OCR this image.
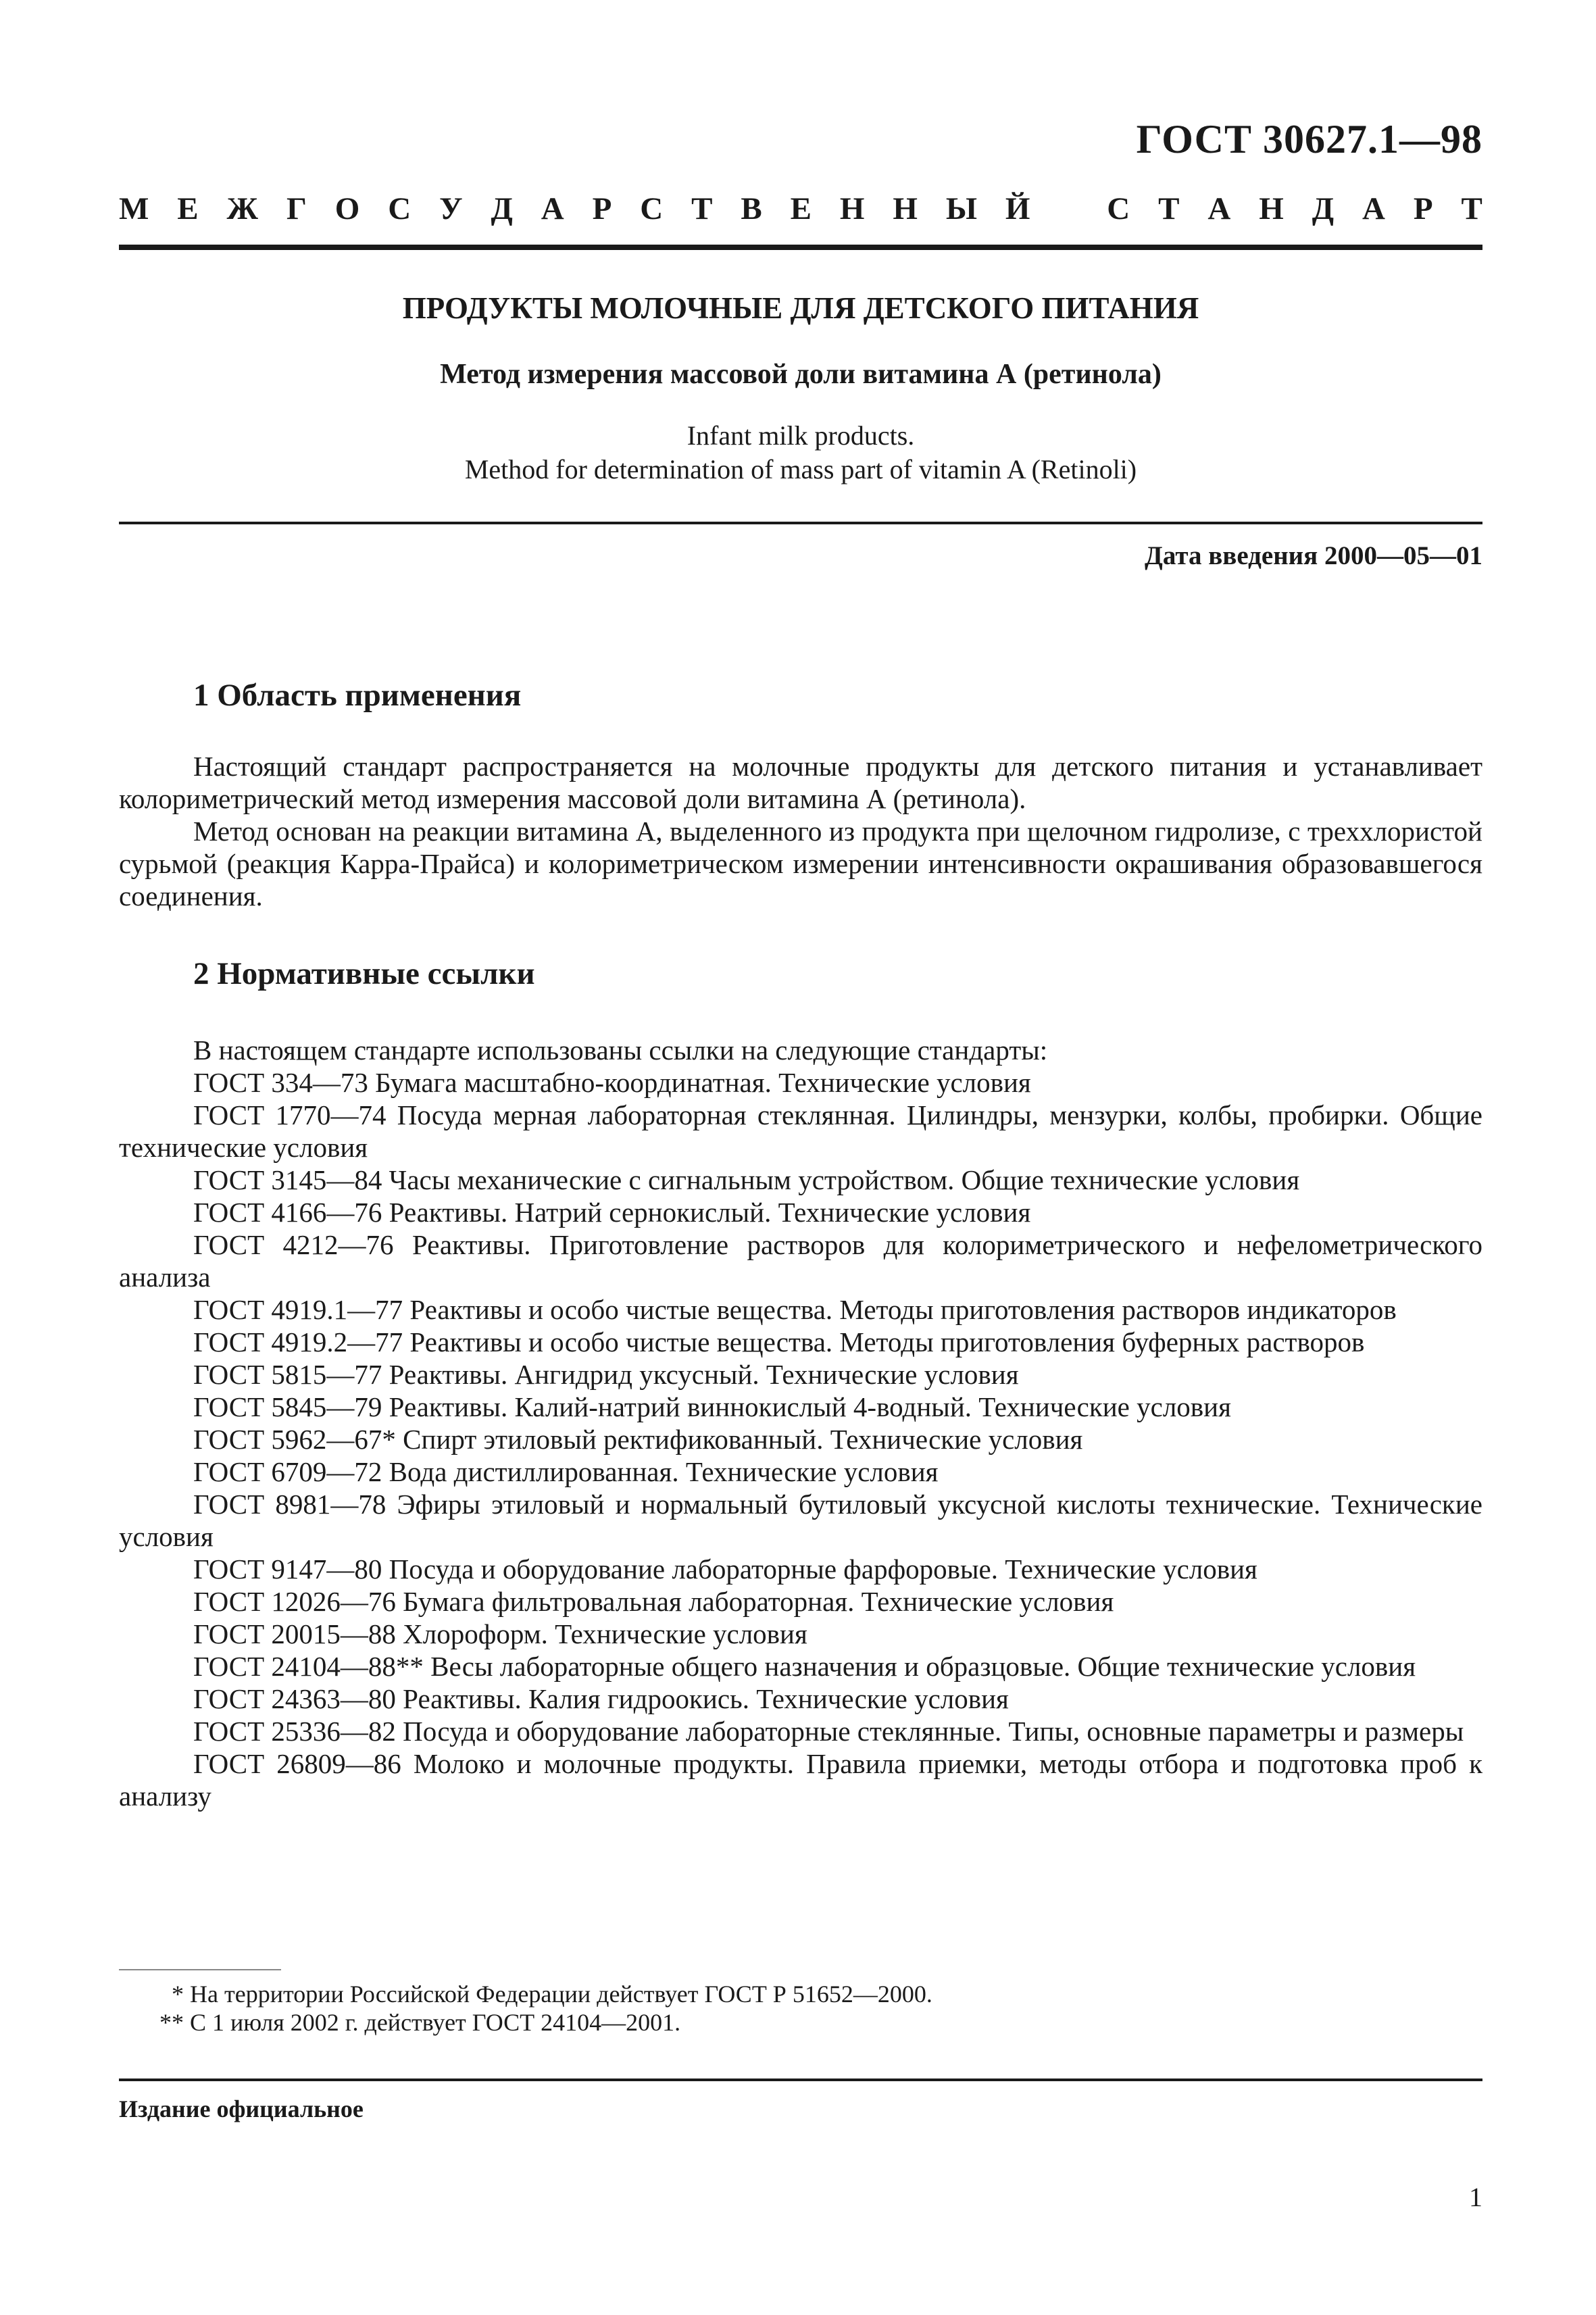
ГОСТ 30627.1—98
М Е Ж Г О С У Д А Р С Т В Е Н Н Ы Й С Т А Н Д А Р Т
ПРОДУКТЫ МОЛОЧНЫЕ ДЛЯ ДЕТСКОГО ПИТАНИЯ
Метод измерения массовой доли витамина А (ретинола)
Infant milk products.
Method for determination of mass part of vitamin A (Retinoli)
Дата введения 2000—05—01
1 Область применения

Настоящий стандарт распространяется на молочные продукты для детского питания и устанавливает колориметрический метод измерения массовой доли витамина А (ретинола).

Метод основан на реакции витамина А, выделенного из продукта при щелочном гидролизе, с треххлористой сурьмой (реакция Карра-Прайса) и колориметрическом измерении интенсивности окрашивания образовавшегося соединения.

2 Нормативные ссылки

В настоящем стандарте использованы ссылки на следующие стандарты:

ГОСТ 334—73 Бумага масштабно-координатная. Технические условия

ГОСТ 1770—74 Посуда мерная лабораторная стеклянная. Цилиндры, мензурки, колбы, пробирки. Общие технические условия

ГОСТ 3145—84 Часы механические с сигнальным устройством. Общие технические условия

ГОСТ 4166—76 Реактивы. Натрий сернокислый. Технические условия

ГОСТ 4212—76 Реактивы. Приготовление растворов для колориметрического и нефелометрического анализа

ГОСТ 4919.1—77 Реактивы и особо чистые вещества. Методы приготовления растворов индикаторов

ГОСТ 4919.2—77 Реактивы и особо чистые вещества. Методы приготовления буферных растворов

ГОСТ 5815—77 Реактивы. Ангидрид уксусный. Технические условия

ГОСТ 5845—79 Реактивы. Калий-натрий виннокислый 4-водный. Технические условия

ГОСТ 5962—67* Спирт этиловый ректификованный. Технические условия

ГОСТ 6709—72 Вода дистиллированная. Технические условия

ГОСТ 8981—78 Эфиры этиловый и нормальный бутиловый уксусной кислоты технические. Технические условия

ГОСТ 9147—80 Посуда и оборудование лабораторные фарфоровые. Технические условия

ГОСТ 12026—76 Бумага фильтровальная лабораторная. Технические условия

ГОСТ 20015—88 Хлороформ. Технические условия

ГОСТ 24104—88** Весы лабораторные общего назначения и образцовые. Общие технические условия

ГОСТ 24363—80 Реактивы. Калия гидроокись. Технические условия

ГОСТ 25336—82 Посуда и оборудование лабораторные стеклянные. Типы, основные параметры и размеры

ГОСТ 26809—86 Молоко и молочные продукты. Правила приемки, методы отбора и подготовка проб к анализу

* На территории Российской Федерации действует ГОСТ Р 51652—2000.

** С 1 июля 2002 г. действует ГОСТ 24104—2001.

Издание официальное
1
